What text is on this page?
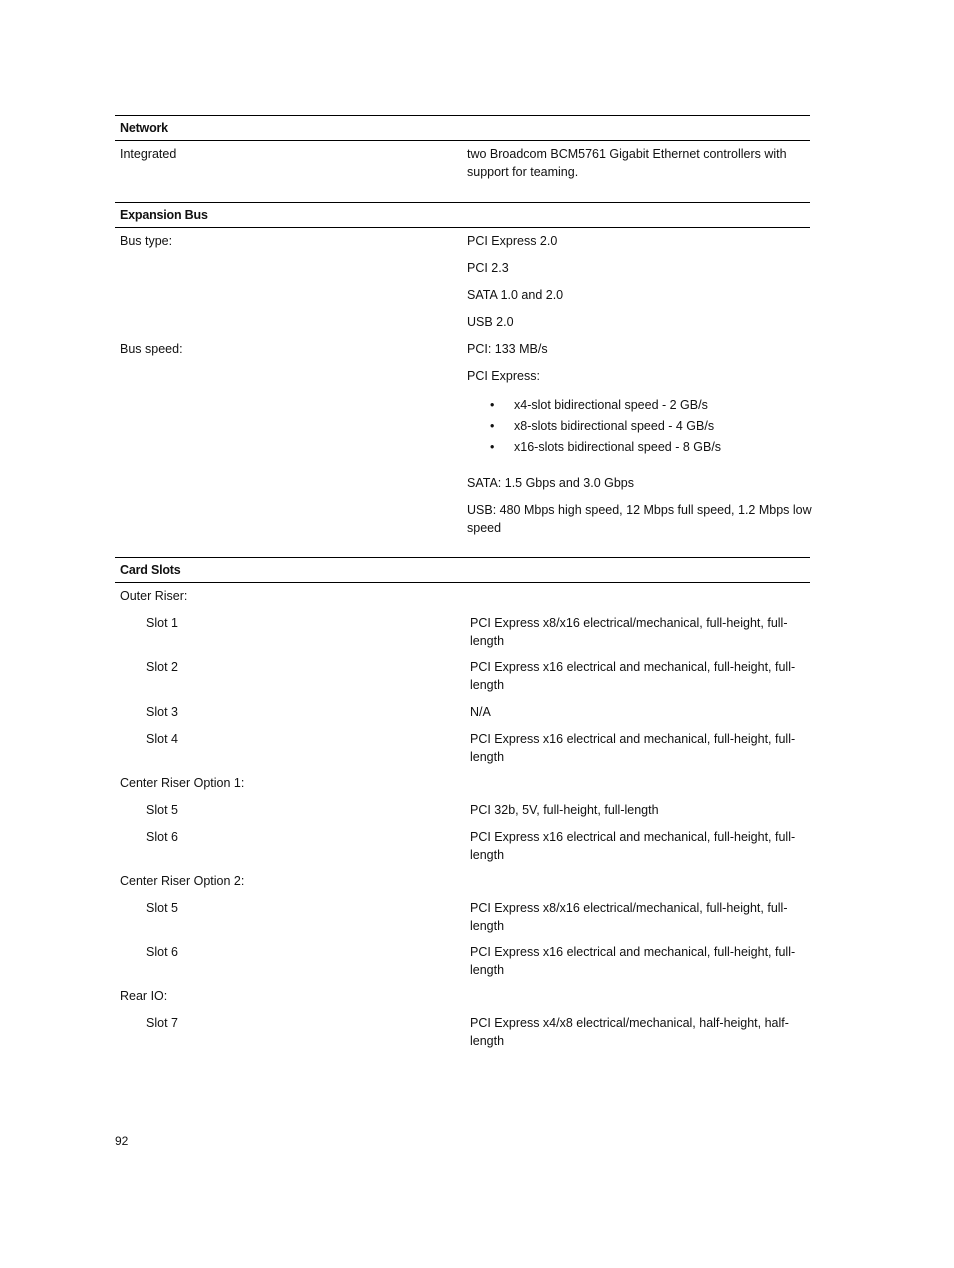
Network
Integrated	two Broadcom BCM5761 Gigabit Ethernet controllers with support for teaming.
Expansion Bus
Bus type:	PCI Express 2.0
PCI 2.3
SATA 1.0 and 2.0
USB 2.0
Bus speed:	PCI: 133 MB/s
PCI Express:
• x4-slot bidirectional speed - 2 GB/s
• x8-slots bidirectional speed - 4 GB/s
• x16-slots bidirectional speed - 8 GB/s
SATA: 1.5 Gbps and 3.0 Gbps
USB: 480 Mbps high speed, 12 Mbps full speed, 1.2 Mbps low speed
Card Slots
Outer Riser:
Slot 1	PCI Express x8/x16 electrical/mechanical, full-height, full-length
Slot 2	PCI Express x16 electrical and mechanical, full-height, full-length
Slot 3	N/A
Slot 4	PCI Express x16 electrical and mechanical, full-height, full-length
Center Riser Option 1:
Slot 5	PCI 32b, 5V, full-height, full-length
Slot 6	PCI Express x16 electrical and mechanical, full-height, full-length
Center Riser Option 2:
Slot 5	PCI Express x8/x16 electrical/mechanical, full-height, full-length
Slot 6	PCI Express x16 electrical and mechanical, full-height, full-length
Rear IO:
Slot 7	PCI Express x4/x8 electrical/mechanical, half-height, half-length
92
